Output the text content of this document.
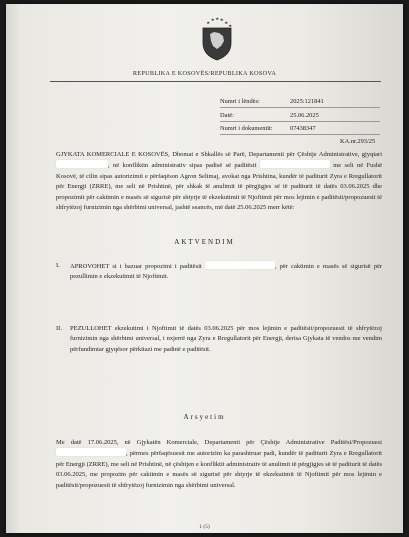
REPUBLIKA E KOSOVËS/REPUBLIKA KOSOVA
Numri i lëndës:	2025:121841
Datë:	25.06.2025
Numri i dokumentit:	07438347
KA.nr.293/25
GJYKATA KOMERCIALE E KOSOVËS, Dhomat e Shkallës së Parë, Departamenti për Çështje Administrative, gjyqtari , në konfliktin administrativ sipas padisë së paditësit	me seli në Fushë Kosovë, të cilin sipas autorizimit e përfaqëson Agron Selimaj, avokat nga Prishtina, kundër të paditurit Zyra e Rregullatorit për Energji (ZRRE), me seli në Prishtinë, për shkak të anulimit të përgjigjes së të paditurit të datës 03.06.2025 dhe propozimit për caktimin e masës së sigurisë për shtyrje të ekzekutimit të Njoftimit për mos lejimin e paditësit/propozuesit të shfrytëzoj furnizimin nga shërbimi universal, jashtë seancës, më datë 25.06.2025 merr këtë:
AKTVENDIM
I.	APROVOHET si i bazuar propozimi i paditësit	, për caktimin e masës së sigurisë për pezullimin e ekzekutimit të Njoftimit.
II.	PEZULLOHET ekzekutimi i Njoftimit të datës 03.06.2025 për mos lejimin e paditësit/propozuesit të shfrytëzoj furnizimin nga shërbimi universal, i nxjerrë nga Zyra e Rregullatorit për Energji, derisa Gjykata të vendos me vendim përfundimtar gjyqësor përkitazi me padinë e paditësit.
Arsyetim
Me datë 17.06.2025, në Gjykatën Komerciale, Departamenti për Çështje Administrative Paditësi/Propozuesi , përmes përfaqësuesit me autorizim ka parashtruar padi, kundër të paditurit Zyra e Rregullatorit për Energji (ZRRE), me seli në Prishtinë, në çështjen e konfliktit administrativ të anulimit të përgjigjes së të paditurit të datës 03.06.2025, me propozim për caktimin e masës së sigurisë për shtyrje të ekzekutimit të Njoftimit për mos lejimin e paditësit/propozuesit të shfrytëzoj furnizimin nga shërbimi universal.
1 (5)
